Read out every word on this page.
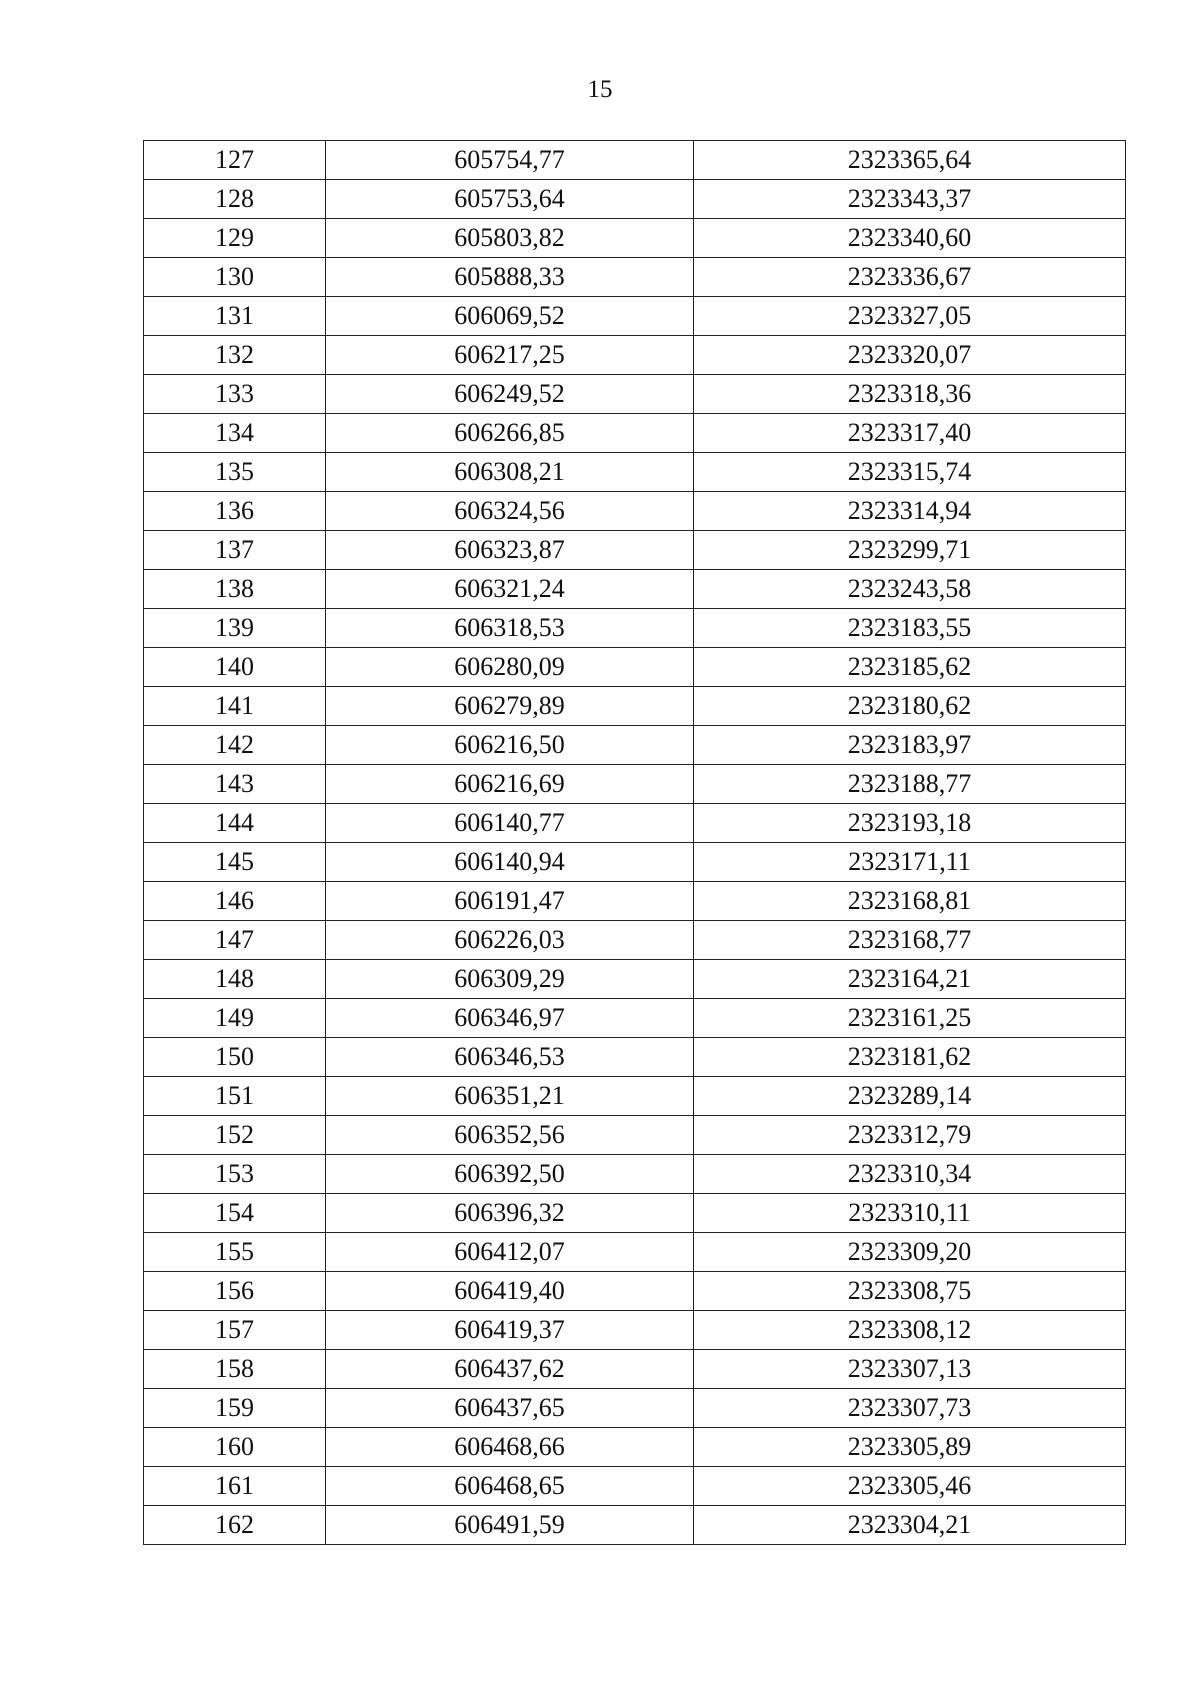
15
127	605754,77	2323365,64
128	605753,64	2323343,37
129	605803,82	2323340,60
130	605888,33	2323336,67
131	606069,52	2323327,05
132	606217,25	2323320,07
133	606249,52	2323318,36
134	606266,85	2323317,40
135	606308,21	2323315,74
136	606324,56	2323314,94
137	606323,87	2323299,71
138	606321,24	2323243,58
139	606318,53	2323183,55
140	606280,09	2323185,62
141	606279,89	2323180,62
142	606216,50	2323183,97
143	606216,69	2323188,77
144	606140,77	2323193,18
145	606140,94	2323171,11
146	606191,47	2323168,81
147	606226,03	2323168,77
148	606309,29	2323164,21
149	606346,97	2323161,25
150	606346,53	2323181,62
151	606351,21	2323289,14
152	606352,56	2323312,79
153	606392,50	2323310,34
154	606396,32	2323310,11
155	606412,07	2323309,20
156	606419,40	2323308,75
157	606419,37	2323308,12
158	606437,62	2323307,13
159	606437,65	2323307,73
160	606468,66	2323305,89
161	606468,65	2323305,46
162	606491,59	2323304,21
